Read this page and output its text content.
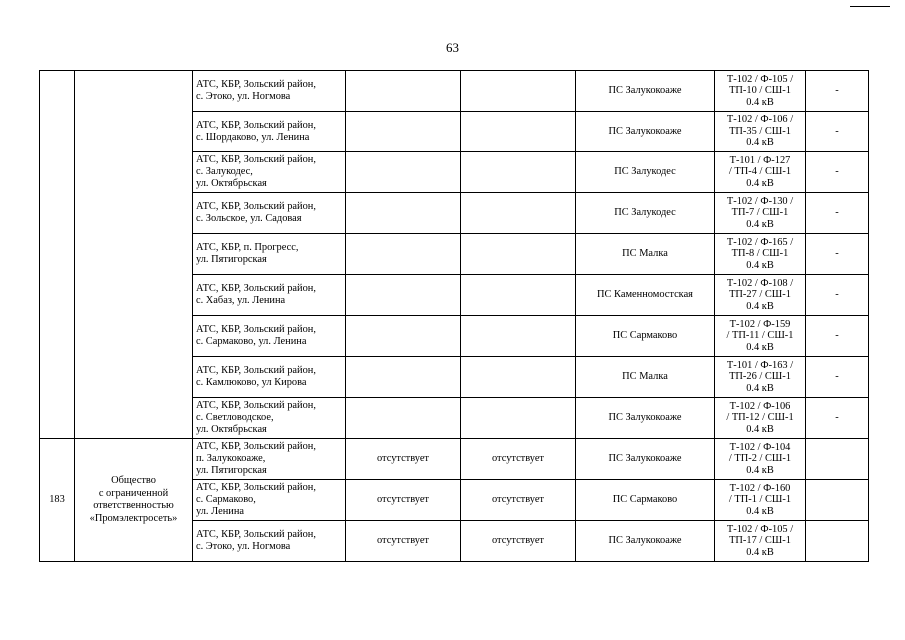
63
		АТС, КБР, Зольский район,
с. Этоко, ул. Ногмова			ПС Залукокоаже	Т-102 / Ф-105 /
ТП-10 / СШ-1
0.4 кВ	-
		АТС, КБР, Зольский район,
с. Шордаково, ул. Ленина			ПС Залукокоаже	Т-102 / Ф-106 /
ТП-35 / СШ-1
0.4 кВ	-
		АТС, КБР, Зольский район,
с. Залукодес,
ул. Октябрьская			ПС Залукодес	Т-101 / Ф-127
/ ТП-4 / СШ-1
0.4 кВ	-
		АТС, КБР, Зольский район,
с. Зольское, ул. Садовая			ПС Залукодес	Т-102 / Ф-130 /
ТП-7 / СШ-1
0.4 кВ	-
		АТС, КБР, п. Прогресс,
ул. Пятигорская			ПС Малка	Т-102 / Ф-165 /
ТП-8 / СШ-1
0.4 кВ	-
		АТС, КБР, Зольский район,
с. Хабаз, ул. Ленина			ПС Каменномостская	Т-102 / Ф-108 /
ТП-27 / СШ-1
0.4 кВ	-
		АТС, КБР, Зольский район,
с. Сармаково, ул. Ленина			ПС Сармаково	Т-102 / Ф-159
/ ТП-11 / СШ-1
0.4 кВ	-
		АТС, КБР, Зольский район,
с. Камлюково, ул Кирова			ПС Малка	Т-101 / Ф-163 /
ТП-26 / СШ-1
0.4 кВ	-
		АТС, КБР, Зольский район,
с. Светловодское,
ул. Октябрьская			ПС Залукокоаже	Т-102 / Ф-106
/ ТП-12 / СШ-1
0.4 кВ	-
183	Общество
с ограниченной
ответственностью
«Промэлектросеть»	АТС, КБР, Зольский район,
п. Залукокоаже,
ул. Пятигорская	отсутствует	отсутствует	ПС Залукокоаже	Т-102 / Ф-104
/ ТП-2 / СШ-1
0.4 кВ	
		АТС, КБР, Зольский район,
с. Сармаково,
ул. Ленина	отсутствует	отсутствует	ПС Сармаково	Т-102 / Ф-160
/ ТП-1 / СШ-1
0.4 кВ	
		АТС, КБР, Зольский район,
с. Этоко, ул. Ногмова	отсутствует	отсутствует	ПС Залукокоаже	Т-102 / Ф-105 /
ТП-17 / СШ-1
0.4 кВ	
